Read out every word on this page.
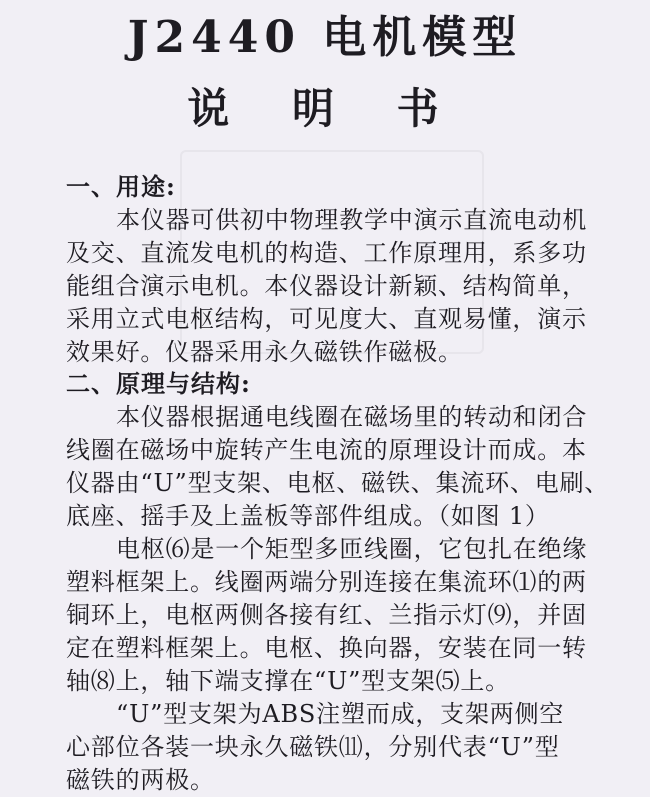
J2440 电机模型
说 明 书
一、用途:
本仪器可供初中物理教学中演示直流电动机
及交、直流发电机的构造、工作原理用，系多功
能组合演示电机。本仪器设计新颖、结构简单，
采用立式电枢结构，可见度大、直观易懂，演示
效果好。仪器采用永久磁铁作磁极。
二、原理与结构:
本仪器根据通电线圈在磁场里的转动和闭合
线圈在磁场中旋转产生电流的原理设计而成。本
仪器由“U”型支架、电枢、磁铁、集流环、电刷、
底座、摇手及上盖板等部件组成。（如图 1）
电枢⑹是一个矩型多匝线圈，它包扎在绝缘
塑料框架上。线圈两端分别连接在集流环⑴的两
铜环上，电枢两侧各接有红、兰指示灯⑼，并固
定在塑料框架上。电枢、换向器，安装在同一转
轴⑻上，轴下端支撑在“U”型支架⑸上。
“U”型支架为ABS注塑而成，支架两侧空
心部位各装一块永久磁铁⑾，分别代表“U”型
磁铁的两极。
